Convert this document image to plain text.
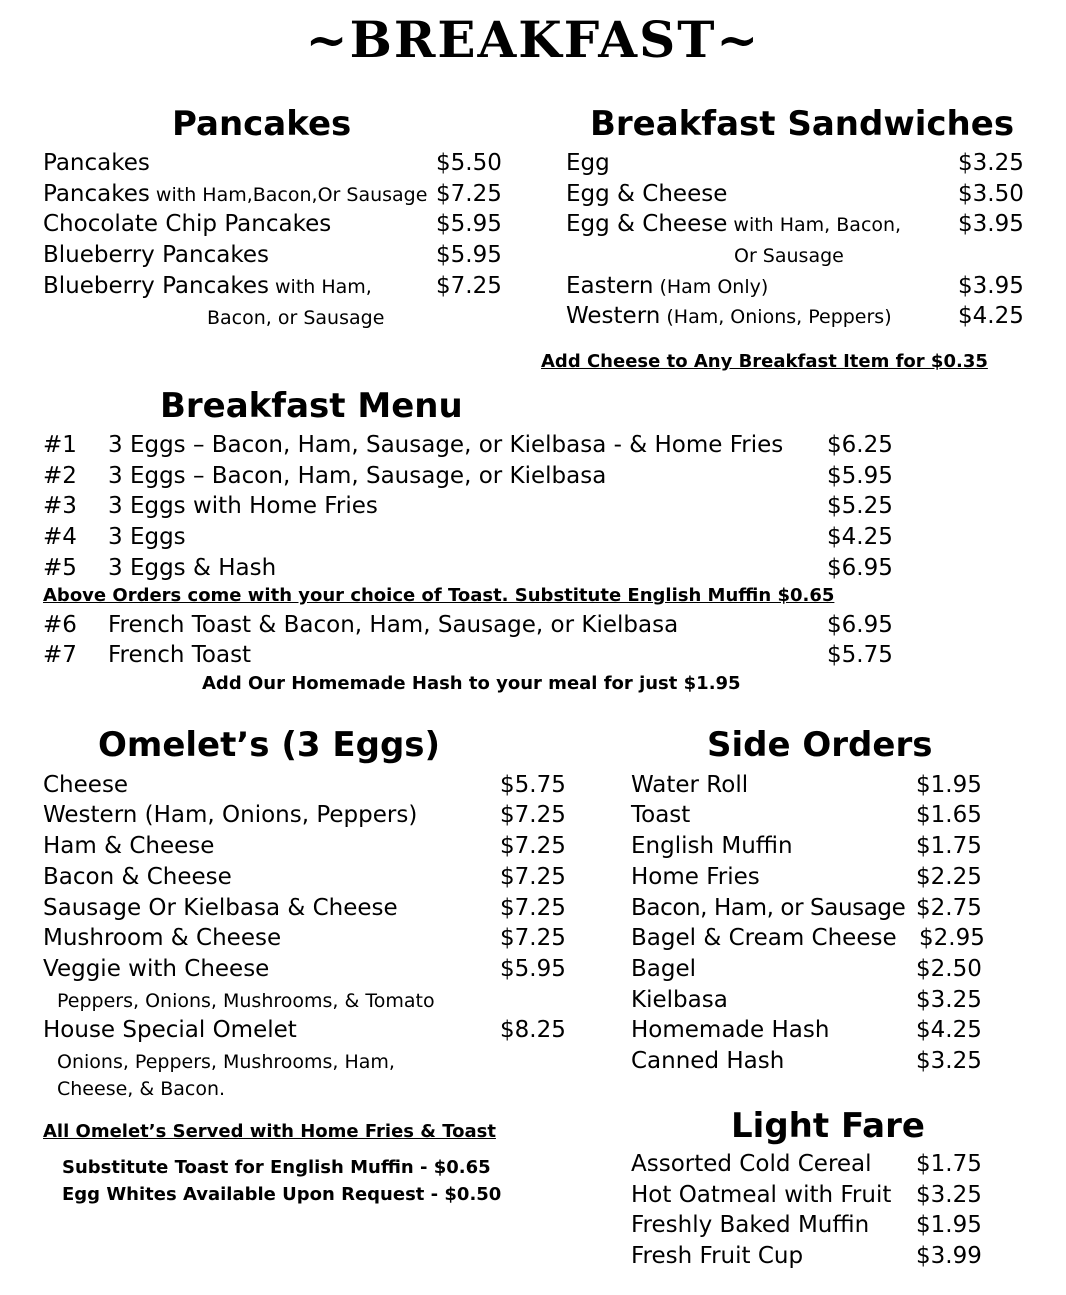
~BREAKFAST~
Pancakes
Pancakes	$5.50
Pancakes with Ham,Bacon,Or Sausage $7.25
Chocolate Chip Pancakes	$5.95
Blueberry Pancakes	$5.95
Blueberry Pancakes with Ham,	$7.25
Bacon, or Sausage
Breakfast Sandwiches
Egg	$3.25
Egg & Cheese	$3.50
Egg & Cheese with Ham, Bacon, $3.95
Or Sausage
Eastern (Ham Only)	$3.95
Western (Ham, Onions, Peppers)	$4.25
Add Cheese to Any Breakfast Item for $0.35
Breakfast Menu
#1 3 Eggs – Bacon, Ham, Sausage, or Kielbasa - & Home Fries $6.25
#2 3 Eggs – Bacon, Ham, Sausage, or Kielbasa	$5.95
#3 3 Eggs with Home Fries	$5.25
#4 3 Eggs	$4.25
#5 3 Eggs & Hash	$6.95
Above Orders come with your choice of Toast. Substitute English Muffin $0.65
#6 French Toast & Bacon, Ham, Sausage, or Kielbasa	$6.95
#7 French Toast	$5.75
Add Our Homemade Hash to your meal for just $1.95
Omelet’s (3 Eggs)
Cheese	$5.75
Western (Ham, Onions, Peppers)	$7.25
Ham & Cheese	$7.25
Bacon & Cheese	$7.25
Sausage Or Kielbasa & Cheese	$7.25
Mushroom & Cheese	$7.25
Veggie with Cheese	$5.95
Peppers, Onions, Mushrooms, & Tomato
House Special Omelet	$8.25
Onions, Peppers, Mushrooms, Ham,
Cheese, & Bacon.
All Omelet’s Served with Home Fries & Toast
Substitute Toast for English Muffin - $0.65
Egg Whites Available Upon Request - $0.50
Side Orders
Water Roll	$1.95
Toast	$1.65
English Muffin	$1.75
Home Fries	$2.25
Bacon, Ham, or Sausage $2.75
Bagel & Cream Cheese $2.95
Bagel	$2.50
Kielbasa	$3.25
Homemade Hash	$4.25
Canned Hash	$3.25
Light Fare
Assorted Cold Cereal $1.75
Hot Oatmeal with Fruit $3.25
Freshly Baked Muffin $1.95
Fresh Fruit Cup	$3.99
